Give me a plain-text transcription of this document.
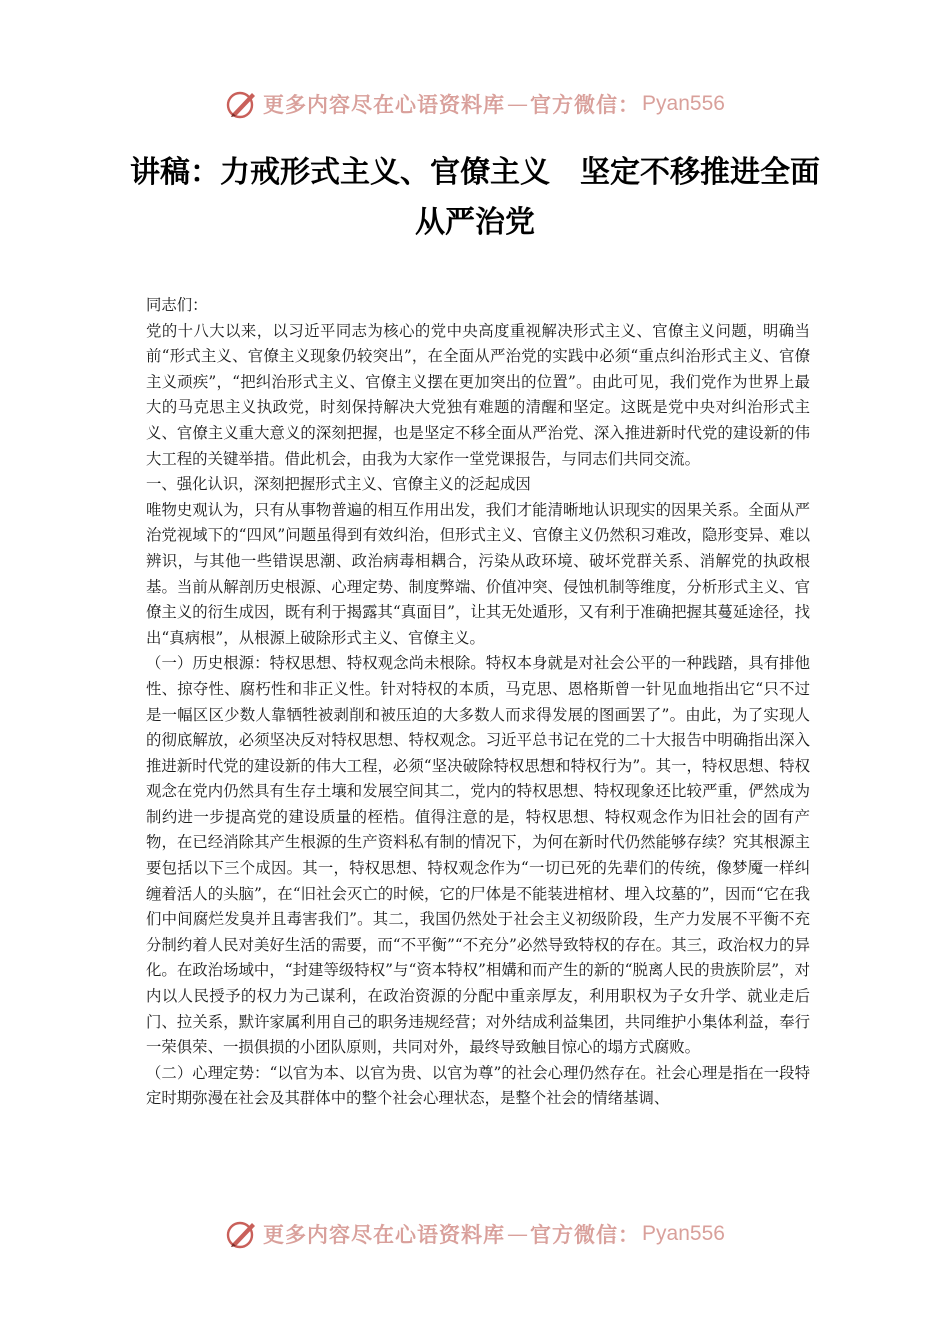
更多内容尽在心语资料库 — 官方微信： Pyan556
讲稿：力戒形式主义、官僚主义　坚定不移推进全面
从严治党

同志们：

党的十八大以来，以习近平同志为核心的党中央高度重视解决形式主义、官僚主义问题，明确当前“形式主义、官僚主义现象仍较突出”，在全面从严治党的实践中必须“重点纠治形式主义、官僚主义顽疾”，“把纠治形式主义、官僚主义摆在更加突出的位置”。由此可见，我们党作为世界上最大的马克思主义执政党，时刻保持解决大党独有难题的清醒和坚定。这既是党中央对纠治形式主义、官僚主义重大意义的深刻把握，也是坚定不移全面从严治党、深入推进新时代党的建设新的伟大工程的关键举措。借此机会，由我为大家作一堂党课报告，与同志们共同交流。

一、强化认识，深刻把握形式主义、官僚主义的泛起成因

唯物史观认为，只有从事物普遍的相互作用出发，我们才能清晰地认识现实的因果关系。全面从严治党视域下的“四风”问题虽得到有效纠治，但形式主义、官僚主义仍然积习难改，隐形变异、难以辨识，与其他一些错误思潮、政治病毒相耦合，污染从政环境、破坏党群关系、消解党的执政根基。当前从解剖历史根源、心理定势、制度弊端、价值冲突、侵蚀机制等维度，分析形式主义、官僚主义的衍生成因，既有利于揭露其“真面目”，让其无处遁形，又有利于准确把握其蔓延途径，找出“真病根”，从根源上破除形式主义、官僚主义。

（一）历史根源：特权思想、特权观念尚未根除。特权本身就是对社会公平的一种践踏，具有排他性、掠夺性、腐朽性和非正义性。针对特权的本质，马克思、恩格斯曾一针见血地指出它“只不过是一幅区区少数人靠牺牲被剥削和被压迫的大多数人而求得发展的图画罢了”。由此，为了实现人的彻底解放，必须坚决反对特权思想、特权观念。习近平总书记在党的二十大报告中明确指出深入推进新时代党的建设新的伟大工程，必须“坚决破除特权思想和特权行为”。其一，特权思想、特权观念在党内仍然具有生存土壤和发展空间其二，党内的特权思想、特权现象还比较严重，俨然成为制约进一步提高党的建设质量的桎梏。值得注意的是，特权思想、特权观念作为旧社会的固有产物，在已经消除其产生根源的生产资料私有制的情况下，为何在新时代仍然能够存续？究其根源主要包括以下三个成因。其一，特权思想、特权观念作为“一切已死的先辈们的传统，像梦魇一样纠缠着活人的头脑”，在“旧社会灭亡的时候，它的尸体是不能装进棺材、埋入坟墓的”，因而“它在我们中间腐烂发臭并且毒害我们”。其二，我国仍然处于社会主义初级阶段，生产力发展不平衡不充分制约着人民对美好生活的需要，而“不平衡”“不充分”必然导致特权的存在。其三，政治权力的异化。在政治场域中，“封建等级特权”与“资本特权”相媾和而产生的新的“脱离人民的贵族阶层”，对内以人民授予的权力为己谋利，在政治资源的分配中重亲厚友，利用职权为子女升学、就业走后门、拉关系，默许家属利用自己的职务违规经营；对外结成利益集团，共同维护小集体利益，奉行一荣俱荣、一损俱损的小团队原则，共同对外，最终导致触目惊心的塌方式腐败。

（二）心理定势：“以官为本、以官为贵、以官为尊”的社会心理仍然存在。社会心理是指在一段特定时期弥漫在社会及其群体中的整个社会心理状态，是整个社会的情绪基调、

更多内容尽在心语资料库 — 官方微信： Pyan556
